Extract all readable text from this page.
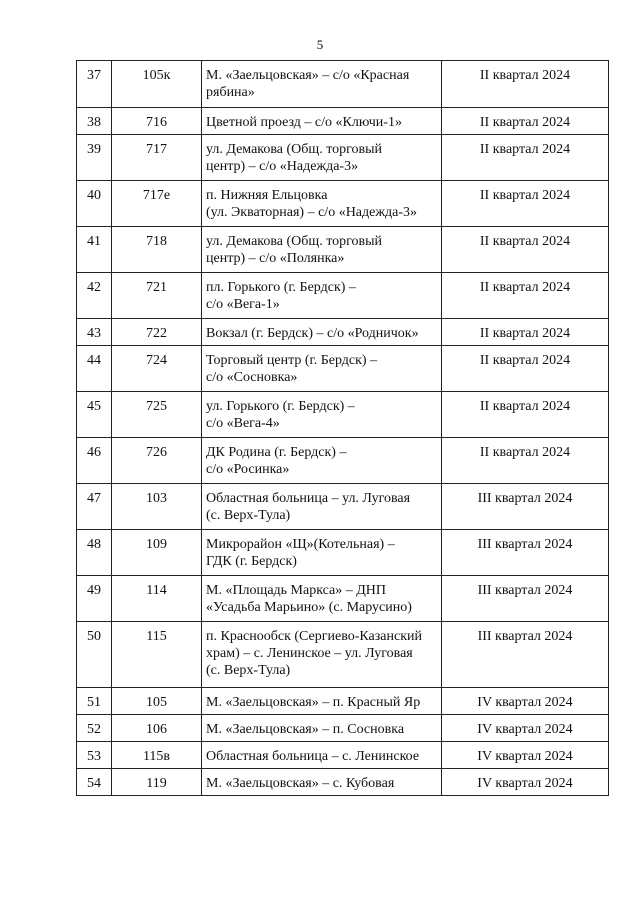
5
37	105к	М. «Заельцовская» – с/о «Красная
рябина»	II квартал 2024
38	716	Цветной проезд – с/о «Ключи-1»	II квартал 2024
39	717	ул. Демакова (Общ. торговый
центр) – с/о «Надежда-3»	II квартал 2024
40	717е	п. Нижняя Ельцовка
(ул. Экваторная) – с/о «Надежда-3»	II квартал 2024
41	718	ул. Демакова (Общ. торговый
центр) – с/о «Полянка»	II квартал 2024
42	721	пл. Горького (г. Бердск) –
с/о «Вега-1»	II квартал 2024
43	722	Вокзал (г. Бердск) – с/о «Родничок»	II квартал 2024
44	724	Торговый центр (г. Бердск) –
с/о «Сосновка»	II квартал 2024
45	725	ул. Горького (г. Бердск) –
с/о «Вега-4»	II квартал 2024
46	726	ДК Родина (г. Бердск) –
с/о «Росинка»	II квартал 2024
47	103	Областная больница – ул. Луговая
(с. Верх-Тула)	III квартал 2024
48	109	Микрорайон «Щ»(Котельная) –
ГДК (г. Бердск)	III квартал 2024
49	114	М. «Площадь Маркса» – ДНП
«Усадьба Марьино» (с. Марусино)	III квартал 2024
50	115	п. Краснообск (Сергиево-Казанский
храм) – с. Ленинское – ул. Луговая
(с. Верх-Тула)	III квартал 2024
51	105	М. «Заельцовская» – п. Красный Яр	IV квартал 2024
52	106	М. «Заельцовская» – п. Сосновка	IV квартал 2024
53	115в	Областная больница – с. Ленинское	IV квартал 2024
54	119	М. «Заельцовская» – с. Кубовая	IV квартал 2024
